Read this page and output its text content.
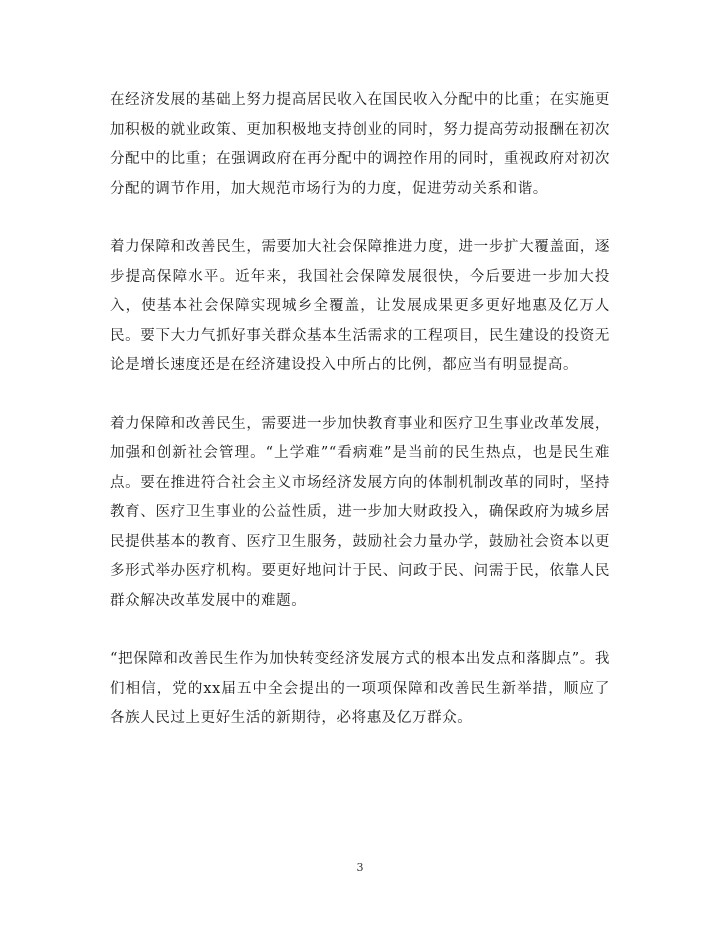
在经济发展的基础上努力提高居民收入在国民收入分配中的比重；在实施更加积极的就业政策、更加积极地支持创业的同时，努力提高劳动报酬在初次分配中的比重；在强调政府在再分配中的调控作用的同时，重视政府对初次分配的调节作用，加大规范市场行为的力度，促进劳动关系和谐。

着力保障和改善民生，需要加大社会保障推进力度，进一步扩大覆盖面，逐步提高保障水平。近年来，我国社会保障发展很快，今后要进一步加大投入，使基本社会保障实现城乡全覆盖，让发展成果更多更好地惠及亿万人民。要下大力气抓好事关群众基本生活需求的工程项目，民生建设的投资无论是增长速度还是在经济建设投入中所占的比例，都应当有明显提高。

着力保障和改善民生，需要进一步加快教育事业和医疗卫生事业改革发展，加强和创新社会管理。“上学难”“看病难”是当前的民生热点，也是民生难点。要在推进符合社会主义市场经济发展方向的体制机制改革的同时，坚持教育、医疗卫生事业的公益性质，进一步加大财政投入，确保政府为城乡居民提供基本的教育、医疗卫生服务，鼓励社会力量办学，鼓励社会资本以更多形式举办医疗机构。要更好地问计于民、问政于民、问需于民，依靠人民群众解决改革发展中的难题。

“把保障和改善民生作为加快转变经济发展方式的根本出发点和落脚点”。我们相信，党的xx届五中全会提出的一项项保障和改善民生新举措，顺应了各族人民过上更好生活的新期待，必将惠及亿万群众。

3
